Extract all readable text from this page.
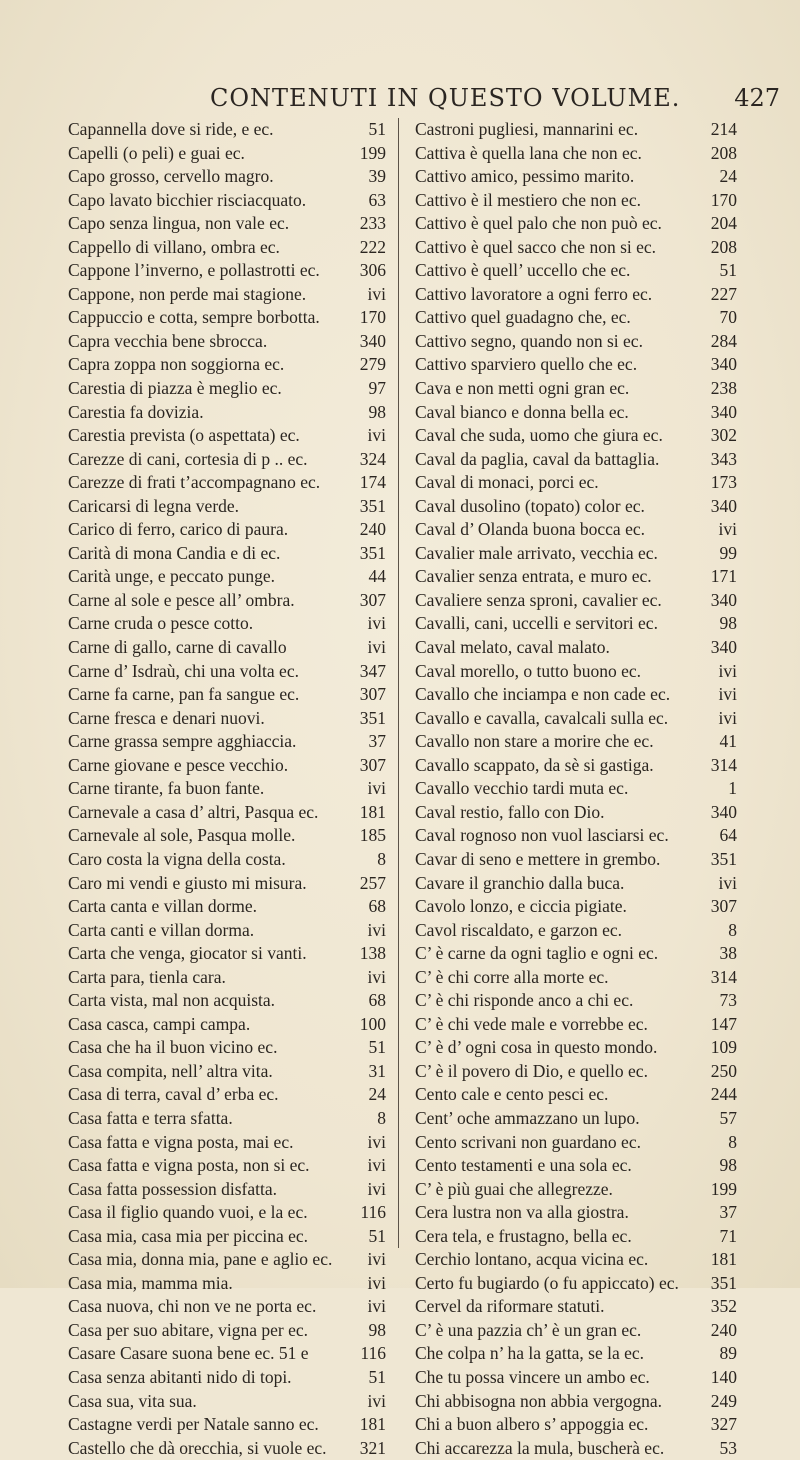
CONTENUTI IN QUESTO VOLUME. 427
Capannella dove si ride, e ec.	51
Capelli (o peli) e guai ec.	199
Capo grosso, cervello magro.	39
Capo lavato bicchier risciacquato.	63
Capo senza lingua, non vale ec.	233
Cappello di villano, ombra ec.	222
Cappone l’inverno, e pollastrotti ec.	306
Cappone, non perde mai stagione.	ivi
Cappuccio e cotta, sempre borbotta.	170
Capra vecchia bene sbrocca.	340
Capra zoppa non soggiorna ec.	279
Carestia di piazza è meglio ec.	97
Carestia fa dovizia.	98
Carestia prevista (o aspettata) ec.	ivi
Carezze di cani, cortesia di p .. ec.	324
Carezze di frati t’accompagnano ec.	174
Caricarsi di legna verde.	351
Carico di ferro, carico di paura.	240
Carità di mona Candia e di ec.	351
Carità unge, e peccato punge.	44
Carne al sole e pesce all’ ombra.	307
Carne cruda o pesce cotto.	ivi
Carne di gallo, carne di cavallo	ivi
Carne d’ Isdraù, chi una volta ec.	347
Carne fa carne, pan fa sangue ec.	307
Carne fresca e denari nuovi.	351
Carne grassa sempre agghiaccia.	37
Carne giovane e pesce vecchio.	307
Carne tirante, fa buon fante.	ivi
Carnevale a casa d’ altri, Pasqua ec.	181
Carnevale al sole, Pasqua molle.	185
Caro costa la vigna della costa.	8
Caro mi vendi e giusto mi misura.	257
Carta canta e villan dorme.	68
Carta canti e villan dorma.	ivi
Carta che venga, giocator si vanti.	138
Carta para, tienla cara.	ivi
Carta vista, mal non acquista.	68
Casa casca, campi campa.	100
Casa che ha il buon vicino ec.	51
Casa compita, nell’ altra vita.	31
Casa di terra, caval d’ erba ec.	24
Casa fatta e terra sfatta.	8
Casa fatta e vigna posta, mai ec.	ivi
Casa fatta e vigna posta, non si ec.	ivi
Casa fatta possession disfatta.	ivi
Casa il figlio quando vuoi, e la ec.	116
Casa mia, casa mia per piccina ec.	51
Casa mia, donna mia, pane e aglio ec.	ivi
Casa mia, mamma mia.	ivi
Casa nuova, chi non ve ne porta ec.	ivi
Casa per suo abitare, vigna per ec.	98
Casare Casare suona bene ec. 51 e	116
Casa senza abitanti nido di topi.	51
Casa sua, vita sua.	ivi
Castagne verdi per Natale sanno ec.	181
Castello che dà orecchia, si vuole ec.	321
Castroni pugliesi, mannarini ec.	214
Cattiva è quella lana che non ec.	208
Cattivo amico, pessimo marito.	24
Cattivo è il mestiero che non ec.	170
Cattivo è quel palo che non può ec.	204
Cattivo è quel sacco che non si ec.	208
Cattivo è quell’ uccello che ec.	51
Cattivo lavoratore a ogni ferro ec.	227
Cattivo quel guadagno che, ec.	70
Cattivo segno, quando non si ec.	284
Cattivo sparviero quello che ec.	340
Cava e non metti ogni gran ec.	238
Caval bianco e donna bella ec.	340
Caval che suda, uomo che giura ec.	302
Caval da paglia, caval da battaglia.	343
Caval di monaci, porci ec.	173
Caval dusolino (topato) color ec.	340
Caval d’ Olanda buona bocca ec.	ivi
Cavalier male arrivato, vecchia ec.	99
Cavalier senza entrata, e muro ec.	171
Cavaliere senza sproni, cavalier ec.	340
Cavalli, cani, uccelli e servitori ec.	98
Caval melato, caval malato.	340
Caval morello, o tutto buono ec.	ivi
Cavallo che inciampa e non cade ec.	ivi
Cavallo e cavalla, cavalcali sulla ec.	ivi
Cavallo non stare a morire che ec.	41
Cavallo scappato, da sè si gastiga.	314
Cavallo vecchio tardi muta ec.	1
Caval restio, fallo con Dio.	340
Caval rognoso non vuol lasciarsi ec.	64
Cavar di seno e mettere in grembo.	351
Cavare il granchio dalla buca.	ivi
Cavolo lonzo, e ciccia pigiate.	307
Cavol riscaldato, e garzon ec.	8
C’ è carne da ogni taglio e ogni ec.	38
C’ è chi corre alla morte ec.	314
C’ è chi risponde anco a chi ec.	73
C’ è chi vede male e vorrebbe ec.	147
C’ è d’ ogni cosa in questo mondo.	109
C’ è il povero di Dio, e quello ec.	250
Cento cale e cento pesci ec.	244
Cent’ oche ammazzano un lupo.	57
Cento scrivani non guardano ec.	8
Cento testamenti e una sola ec.	98
C’ è più guai che allegrezze.	199
Cera lustra non va alla giostra.	37
Cera tela, e frustagno, bella ec.	71
Cerchio lontano, acqua vicina ec.	181
Certo fu bugiardo (o fu appiccato) ec.	351
Cervel da riformare statuti.	352
C’ è una pazzia ch’ è un gran ec.	240
Che colpa n’ ha la gatta, se la ec.	89
Che tu possa vincere un ambo ec.	140
Chi abbisogna non abbia vergogna.	249
Chi a buon albero s’ appoggia ec.	327
Chi accarezza la mula, buscherà ec.	53
